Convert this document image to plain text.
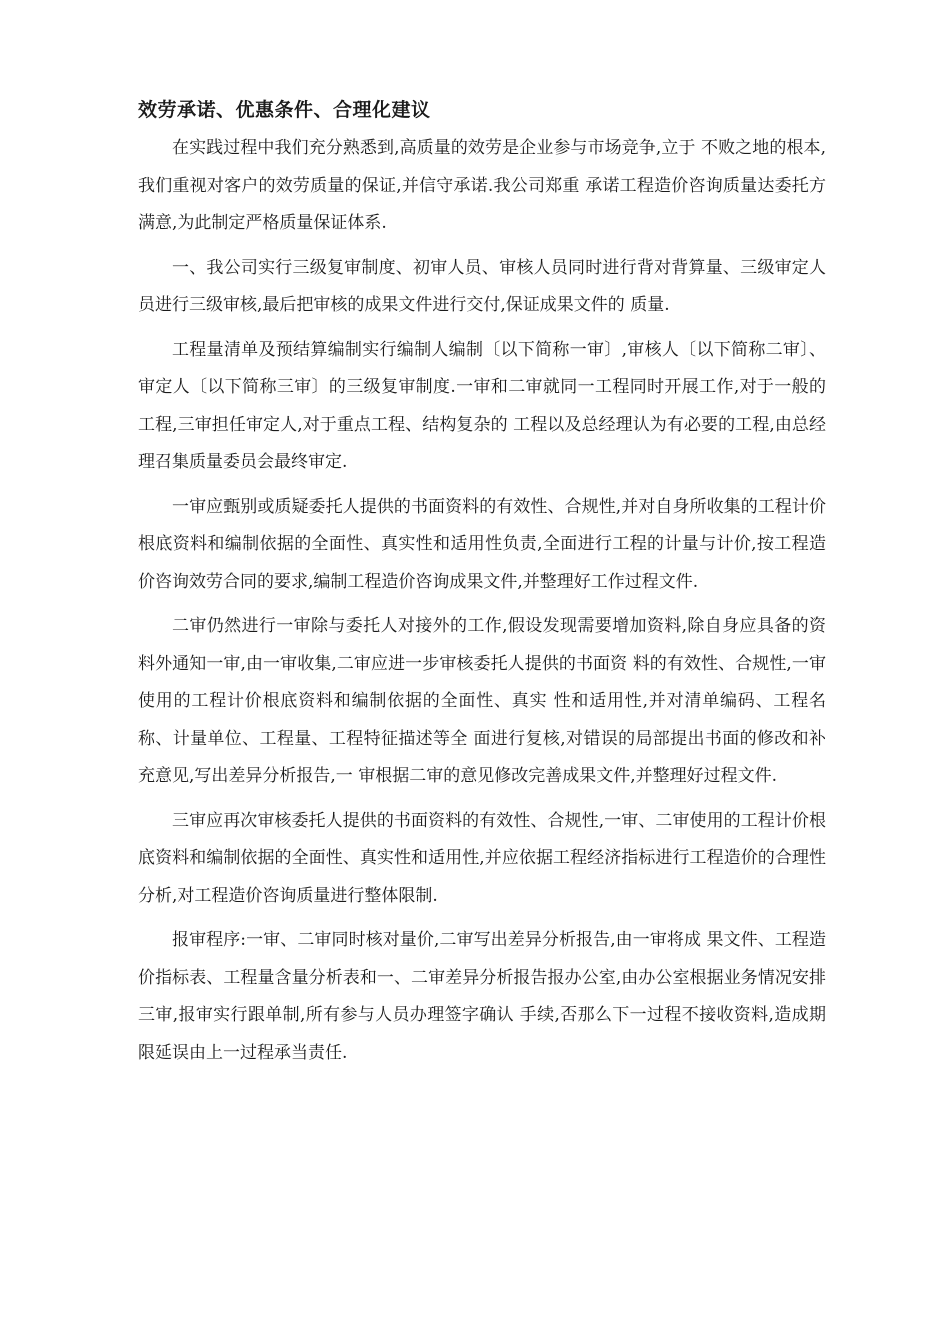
效劳承诺、优惠条件、合理化建议

在实践过程中我们充分熟悉到,高质量的效劳是企业参与市场竞争,立于 不败之地的根本,我们重视对客户的效劳质量的保证,并信守承诺.我公司郑重 承诺工程造价咨询质量达委托方满意,为此制定严格质量保证体系.

一、我公司实行三级复审制度、初审人员、审核人员同时进行背对背算量、三级审定人员进行三级审核,最后把审核的成果文件进行交付,保证成果文件的 质量.

工程量清单及预结算编制实行编制人编制〔以下简称一审〕,审核人〔以下简称二审〕、审定人〔以下简称三审〕的三级复审制度.一审和二审就同一工程同时开展工作,对于一般的工程,三审担任审定人,对于重点工程、结构复杂的 工程以及总经理认为有必要的工程,由总经理召集质量委员会最终审定.

一审应甄别或质疑委托人提供的书面资料的有效性、合规性,并对自身所收集的工程计价根底资料和编制依据的全面性、真实性和适用性负责,全面进行工程的计量与计价,按工程造价咨询效劳合同的要求,编制工程造价咨询成果文件,并整理好工作过程文件.

二审仍然进行一审除与委托人对接外的工作,假设发现需要增加资料,除自身应具备的资料外通知一审,由一审收集,二审应进一步审核委托人提供的书面资 料的有效性、合规性,一审使用的工程计价根底资料和编制依据的全面性、真实 性和适用性,并对清单编码、工程名称、计量单位、工程量、工程特征描述等全 面进行复核,对错误的局部提出书面的修改和补充意见,写出差异分析报告,一 审根据二审的意见修改完善成果文件,并整理好过程文件.

三审应再次审核委托人提供的书面资料的有效性、合规性,一审、二审使用的工程计价根底资料和编制依据的全面性、真实性和适用性,并应依据工程经济指标进行工程造价的合理性分析,对工程造价咨询质量进行整体限制.

报审程序:一审、二审同时核对量价,二审写出差异分析报告,由一审将成 果文件、工程造价指标表、工程量含量分析表和一、二审差异分析报告报办公室,由办公室根据业务情况安排三审,报审实行跟单制,所有参与人员办理签字确认 手续,否那么下一过程不接收资料,造成期限延误由上一过程承当责任.
